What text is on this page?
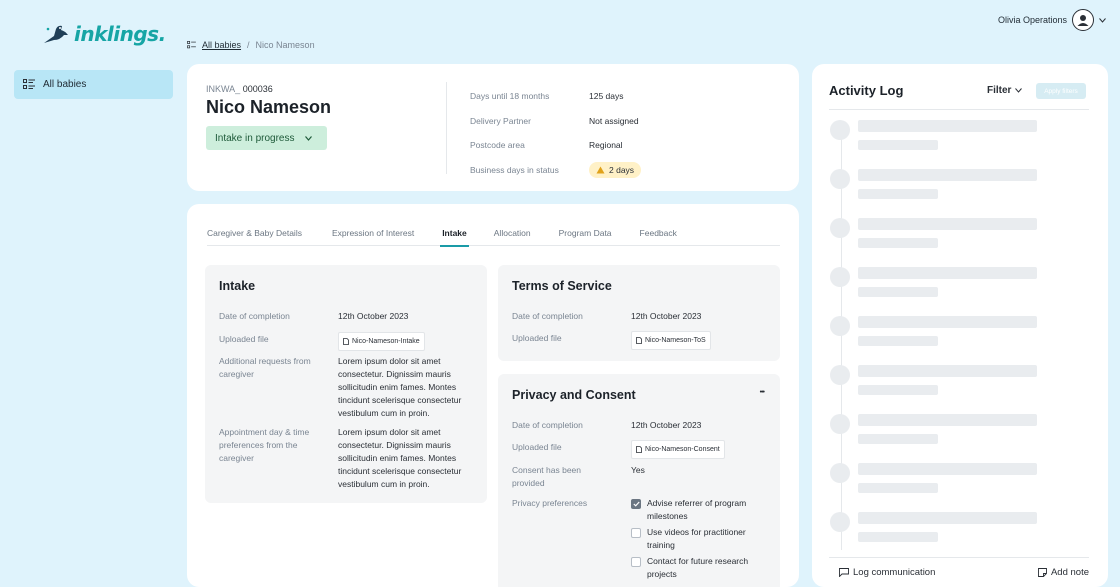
inklings.
All babies
All babies / Nico Nameson
Olivia Operations
INKWA_ 000036
Nico Nameson
Intake in progress
Days until 18 months	125 days
Delivery Partner	Not assigned
Postcode area	Regional
Business days in status	2 days
Caregiver & Baby Details	Expression of Interest	Intake	Allocation	Program Data	Feedback
Intake
Date of completion	12th October 2023
Uploaded file	Nico-Nameson-Intake
Additional requests from caregiver
Lorem ipsum dolor sit amet consectetur. Dignissim mauris sollicitudin enim fames. Montes tincidunt scelerisque consectetur vestibulum cum in proin.
Appointment day & time preferences from the caregiver
Lorem ipsum dolor sit amet consectetur. Dignissim mauris sollicitudin enim fames. Montes tincidunt scelerisque consectetur vestibulum cum in proin.
Terms of Service
Date of completion	12th October 2023
Uploaded file	Nico-Nameson-ToS
Privacy and Consent	•••
Date of completion	12th October 2023
Uploaded file	Nico-Nameson-Consent
Consent has been provided
Yes
Privacy preferences	Advise referrer of program milestones
Use videos for practitioner training
Contact for future research projects
Activity Log	Filter	Apply filters
Log communication	Add note
